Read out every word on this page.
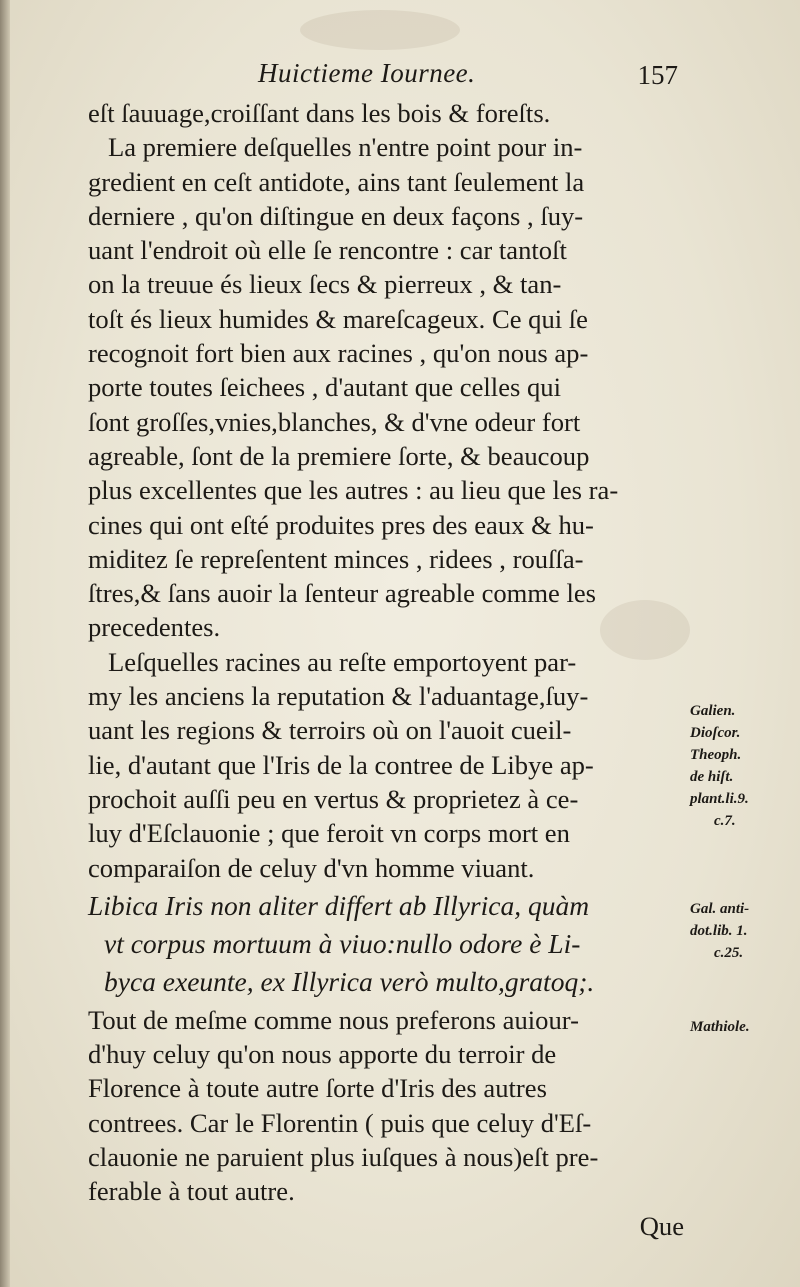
Huictieme Iournee.	157
eſt ſauuage,croiſſant dans les bois & foreſts.
La premiere deſquelles n'entre point pour in-
gredient en ceſt antidote, ains tant ſeulement la
derniere , qu'on diſtingue en deux façons , ſuy-
uant l'endroit où elle ſe rencontre : car tantoſt
on la treuue és lieux ſecs & pierreux , & tan-
toſt és lieux humides & mareſcageux. Ce qui ſe
recognoit fort bien aux racines , qu'on nous ap-
porte toutes ſeichees , d'autant que celles qui
ſont groſſes,vnies,blanches, & d'vne odeur fort
agreable, ſont de la premiere ſorte, & beaucoup
plus excellentes que les autres : au lieu que les ra-
cines qui ont eſté produites pres des eaux & hu-
miditez ſe repreſentent minces , ridees , rouſſa-
ſtres,& ſans auoir la ſenteur agreable comme les
precedentes.
Leſquelles racines au reſte emportoyent par-
my les anciens la reputation & l'aduantage,ſuy-
uant les regions & terroirs où on l'auoit cueil-
lie, d'autant que l'Iris de la contree de Libye ap-
prochoit auſſi peu en vertus & proprietez à ce-
luy d'Eſclauonie ; que feroit vn corps mort en
comparaiſon de celuy d'vn homme viuant.
Libica Iris non aliter differt ab Illyrica, quàm
vt corpus mortuum à viuo:nullo odore è Li-
byca exeunte, ex Illyrica verò multo,gratoq;.
Tout de meſme comme nous preferons auiour-
d'huy celuy qu'on nous apporte du terroir de
Florence à toute autre ſorte d'Iris des autres
contrees. Car le Florentin ( puis que celuy d'Eſ-
clauonie ne paruient plus iuſques à nous)eſt pre-
ferable à tout autre.
Que
Galien.
Dioſcor.
Theoph.
de hiſt.
plant.li.9.
c.7.
Gal. anti-
dot.lib. 1.
c.25.
Mathiole.
